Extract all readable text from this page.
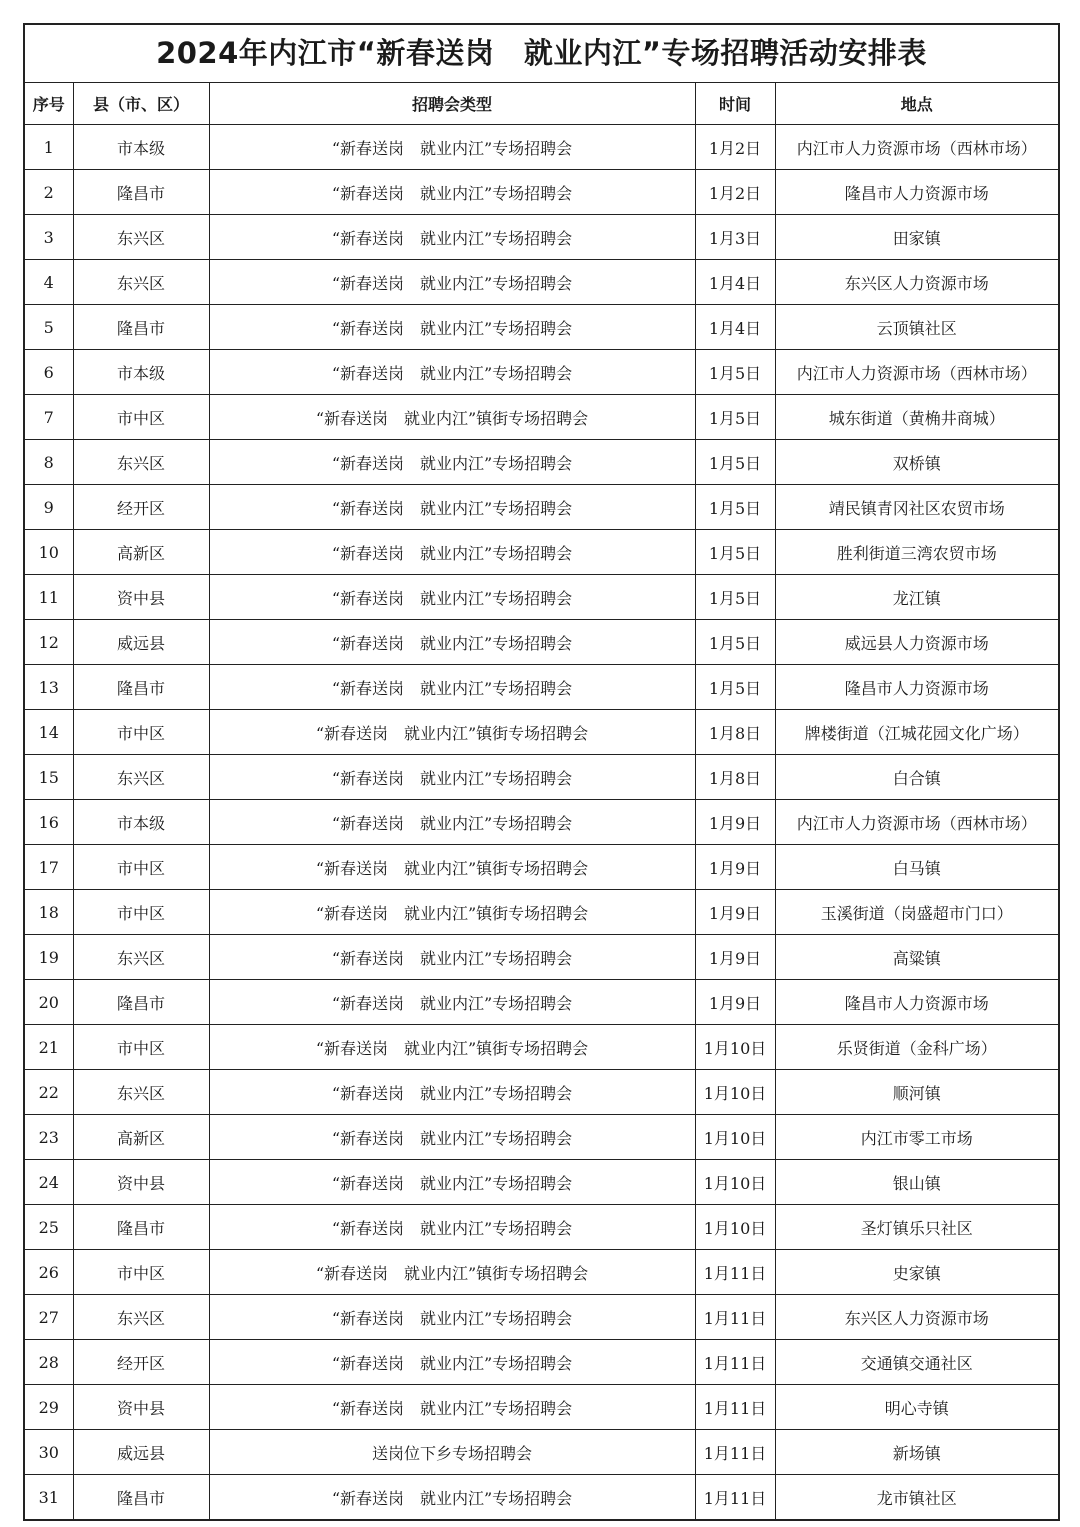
2024年内江市“新春送岗　就业内江”专场招聘活动安排表
序号	县（市、区）	招聘会类型	时间	地点
1	市本级	“新春送岗　就业内江”专场招聘会	1月2日	内江市人力资源市场（西林市场）
2	隆昌市	“新春送岗　就业内江”专场招聘会	1月2日	隆昌市人力资源市场
3	东兴区	“新春送岗　就业内江”专场招聘会	1月3日	田家镇
4	东兴区	“新春送岗　就业内江”专场招聘会	1月4日	东兴区人力资源市场
5	隆昌市	“新春送岗　就业内江”专场招聘会	1月4日	云顶镇社区
6	市本级	“新春送岗　就业内江”专场招聘会	1月5日	内江市人力资源市场（西林市场）
7	市中区	“新春送岗　就业内江”镇街专场招聘会	1月5日	城东街道（黄桷井商城）
8	东兴区	“新春送岗　就业内江”专场招聘会	1月5日	双桥镇
9	经开区	“新春送岗　就业内江”专场招聘会	1月5日	靖民镇青冈社区农贸市场
10	高新区	“新春送岗　就业内江”专场招聘会	1月5日	胜利街道三湾农贸市场
11	资中县	“新春送岗　就业内江”专场招聘会	1月5日	龙江镇
12	威远县	“新春送岗　就业内江”专场招聘会	1月5日	威远县人力资源市场
13	隆昌市	“新春送岗　就业内江”专场招聘会	1月5日	隆昌市人力资源市场
14	市中区	“新春送岗　就业内江”镇街专场招聘会	1月8日	牌楼街道（江城花园文化广场）
15	东兴区	“新春送岗　就业内江”专场招聘会	1月8日	白合镇
16	市本级	“新春送岗　就业内江”专场招聘会	1月9日	内江市人力资源市场（西林市场）
17	市中区	“新春送岗　就业内江”镇街专场招聘会	1月9日	白马镇
18	市中区	“新春送岗　就业内江”镇街专场招聘会	1月9日	玉溪街道（岗盛超市门口）
19	东兴区	“新春送岗　就业内江”专场招聘会	1月9日	高粱镇
20	隆昌市	“新春送岗　就业内江”专场招聘会	1月9日	隆昌市人力资源市场
21	市中区	“新春送岗　就业内江”镇街专场招聘会	1月10日	乐贤街道（金科广场）
22	东兴区	“新春送岗　就业内江”专场招聘会	1月10日	顺河镇
23	高新区	“新春送岗　就业内江”专场招聘会	1月10日	内江市零工市场
24	资中县	“新春送岗　就业内江”专场招聘会	1月10日	银山镇
25	隆昌市	“新春送岗　就业内江”专场招聘会	1月10日	圣灯镇乐只社区
26	市中区	“新春送岗　就业内江”镇街专场招聘会	1月11日	史家镇
27	东兴区	“新春送岗　就业内江”专场招聘会	1月11日	东兴区人力资源市场
28	经开区	“新春送岗　就业内江”专场招聘会	1月11日	交通镇交通社区
29	资中县	“新春送岗　就业内江”专场招聘会	1月11日	明心寺镇
30	威远县	送岗位下乡专场招聘会	1月11日	新场镇
31	隆昌市	“新春送岗　就业内江”专场招聘会	1月11日	龙市镇社区
